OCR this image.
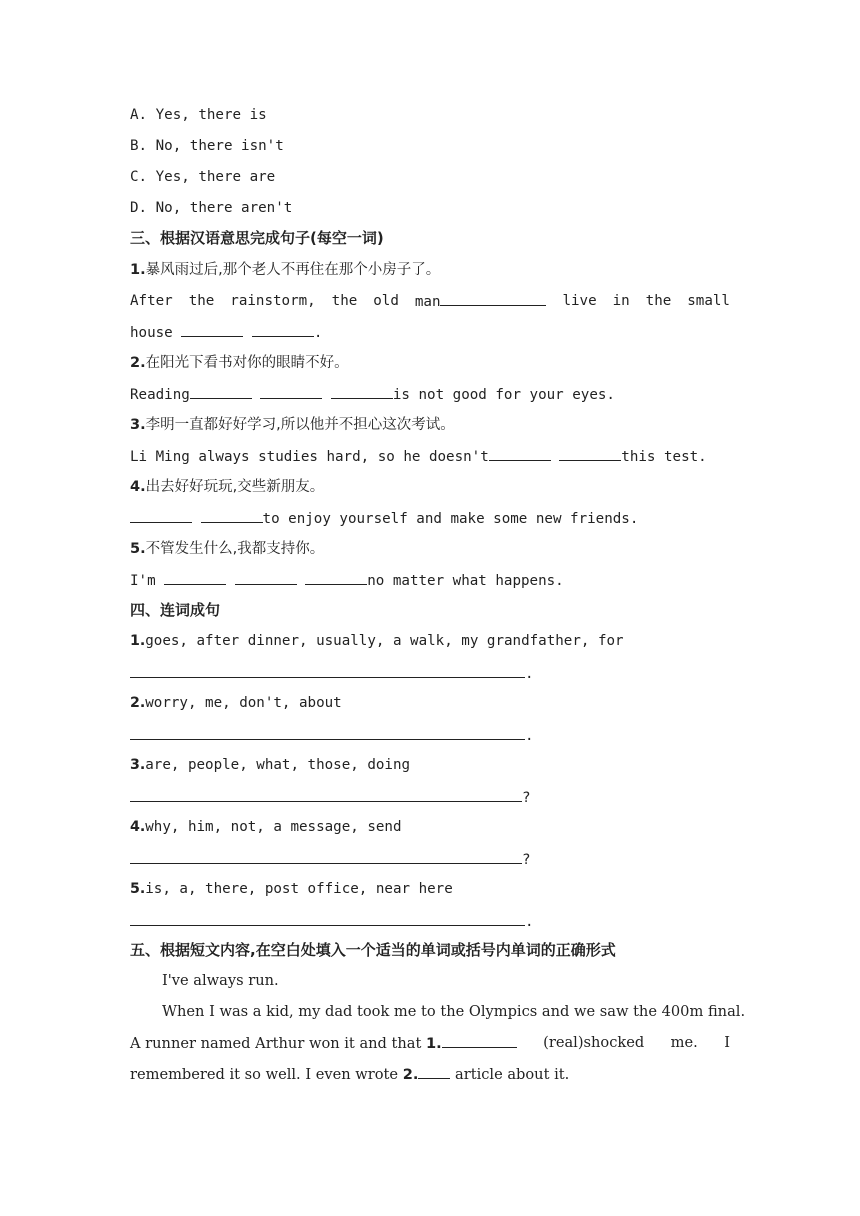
A. Yes, there is
B. No, there isn't
C. Yes, there are
D. No, there aren't
三、根据汉语意思完成句子(每空一词)
1.暴风雨过后,那个老人不再住在那个小房子了。
After the rainstorm, the old man	live in the small
house	.
2.在阳光下看书对你的眼睛不好。
Reading	is not good for your eyes.
3.李明一直都好好学习,所以他并不担心这次考试。
Li Ming always studies hard, so he doesn't	this test.
4.出去好好玩玩,交些新朋友。
to enjoy yourself and make some new friends.
5.不管发生什么,我都支持你。
I'm	no matter what happens.
四、连词成句
1.goes, after dinner, usually, a walk, my grandfather, for
.
2.worry, me, don't, about
.
3.are, people, what, those, doing
?
4.why, him, not, a message, send
?
5.is, a, there, post office, near here
.
五、根据短文内容,在空白处填入一个适当的单词或括号内单词的正确形式
I've always run.
When I was a kid, my dad took me to the Olympics and we saw the 400m final.
A runner named Arthur won it and that 1.	(real)shocked me. I
remembered it so well. I even wrote 2.	article about it.
